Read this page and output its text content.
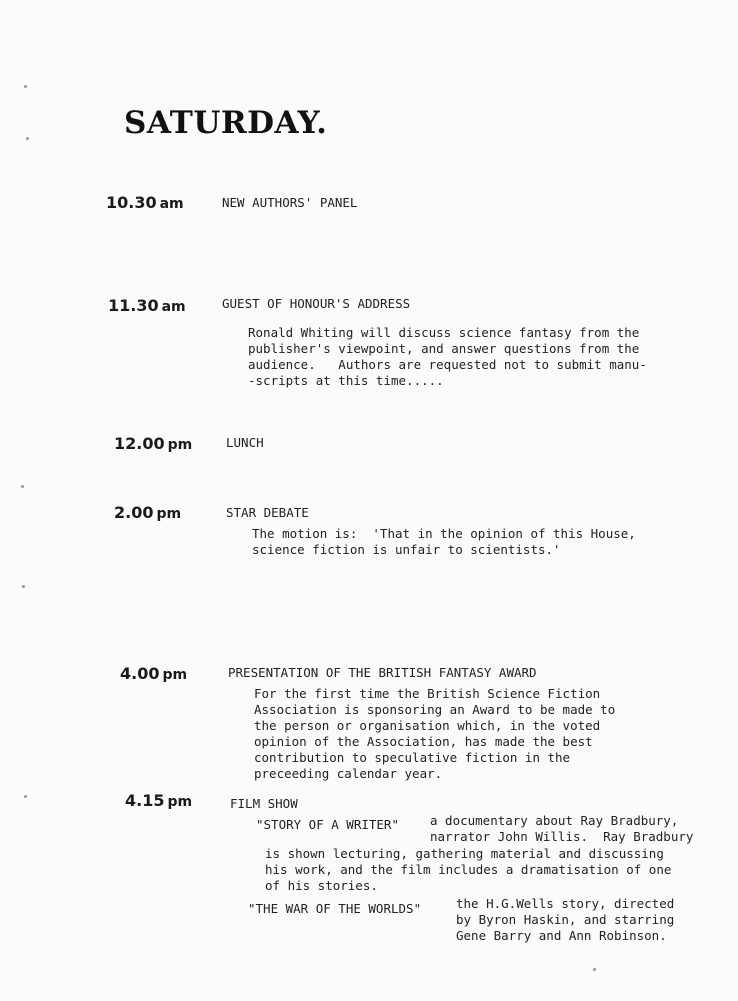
SATURDAY.
10.30 am	NEW AUTHORS' PANEL
11.30 am	GUEST OF HONOUR'S ADDRESS
Ronald Whiting will discuss science fantasy from the
publisher's viewpoint, and answer questions from the
audience.   Authors are requested not to submit manu-
-scripts at this time.....
12.00 pm	LUNCH
2.00 pm	STAR DEBATE
The motion is:  'That in the opinion of this House,
science fiction is unfair to scientists.'
4.00 pm	PRESENTATION OF THE BRITISH FANTASY AWARD
For the first time the British Science Fiction
Association is sponsoring an Award to be made to
the person or organisation which, in the voted
opinion of the Association, has made the best
contribution to speculative fiction in the
preceeding calendar year.
4.15 pm	FILM SHOW
"STORY OF A WRITER" a documentary about Ray Bradbury,
narrator John Willis.  Ray Bradbury
is shown lecturing, gathering material and discussing
his work, and the film includes a dramatisation of one
of his stories.
"THE WAR OF THE WORLDS"	the H.G.Wells story, directed
by Byron Haskin, and starring
Gene Barry and Ann Robinson.
